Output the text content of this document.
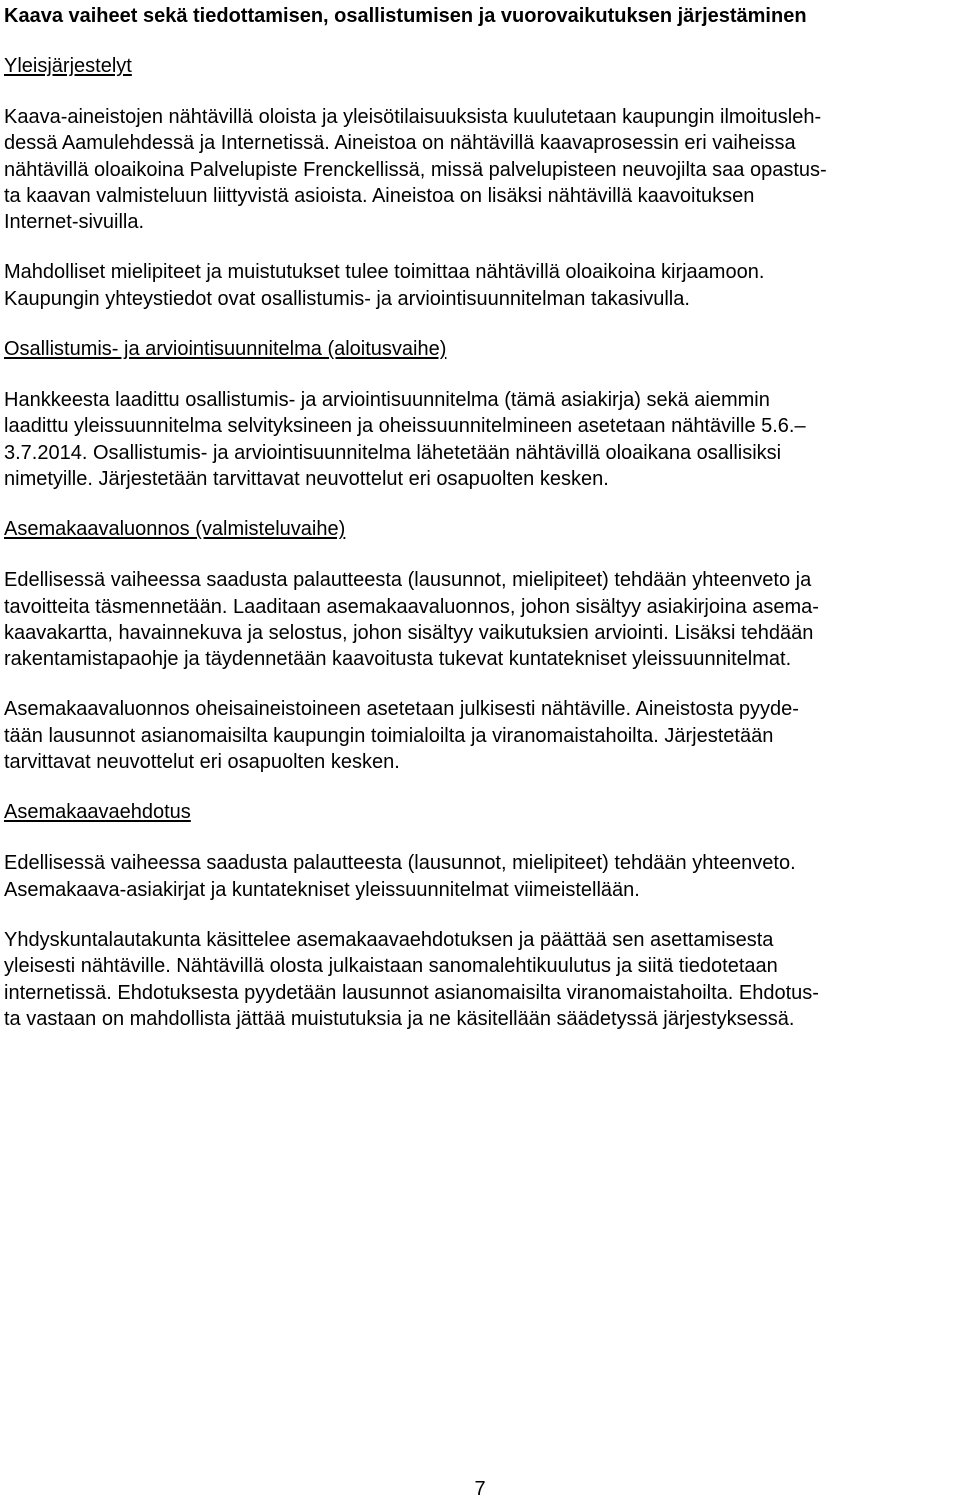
Kaava vaiheet sekä tiedottamisen, osallistumisen ja vuorovaikutuksen järjestäminen
Yleisjärjestelyt

Kaava-aineistojen nähtävillä oloista ja yleisötilaisuuksista kuulutetaan kaupungin ilmoitusleh-
dessä Aamulehdessä ja Internetissä. Aineistoa on nähtävillä kaavaprosessin eri vaiheissa
nähtävillä oloaikoina Palvelupiste Frenckellissä, missä palvelupisteen neuvojilta saa opastus-
ta kaavan valmisteluun liittyvistä asioista. Aineistoa on lisäksi nähtävillä kaavoituksen
Internet-sivuilla.

Mahdolliset mielipiteet ja muistutukset tulee toimittaa nähtävillä oloaikoina kirjaamoon.
Kaupungin yhteystiedot ovat osallistumis- ja arviointisuunnitelman takasivulla.

Osallistumis- ja arviointisuunnitelma (aloitusvaihe)

Hankkeesta laadittu osallistumis- ja arviointisuunnitelma (tämä asiakirja) sekä aiemmin
laadittu yleissuunnitelma selvityksineen ja oheissuunnitelmineen asetetaan nähtäville 5.6.–
3.7.2014. Osallistumis- ja arviointisuunnitelma lähetetään nähtävillä oloaikana osallisiksi
nimetyille. Järjestetään tarvittavat neuvottelut eri osapuolten kesken.

Asemakaavaluonnos (valmisteluvaihe)

Edellisessä vaiheessa saadusta palautteesta (lausunnot, mielipiteet) tehdään yhteenveto ja
tavoitteita täsmennetään. Laaditaan asemakaavaluonnos, johon sisältyy asiakirjoina asema-
kaavakartta, havainnekuva ja selostus, johon sisältyy vaikutuksien arviointi. Lisäksi tehdään
rakentamistapaohje ja täydennetään kaavoitusta tukevat kuntatekniset yleissuunnitelmat.

Asemakaavaluonnos oheisaineistoineen asetetaan julkisesti nähtäville. Aineistosta pyyde-
tään lausunnot asianomaisilta kaupungin toimialoilta ja viranomaistahoilta. Järjestetään
tarvittavat neuvottelut eri osapuolten kesken.

Asemakaavaehdotus

Edellisessä vaiheessa saadusta palautteesta (lausunnot, mielipiteet) tehdään yhteenveto.
Asemakaava-asiakirjat ja kuntatekniset yleissuunnitelmat viimeistellään.

Yhdyskuntalautakunta käsittelee asemakaavaehdotuksen ja päättää sen asettamisesta
yleisesti nähtäville. Nähtävillä olosta julkaistaan sanomalehtikuulutus ja siitä tiedotetaan
internetissä. Ehdotuksesta pyydetään lausunnot asianomaisilta viranomaistahoilta. Ehdotus-
ta vastaan on mahdollista jättää muistutuksia ja ne käsitellään säädetyssä järjestyksessä.

7
